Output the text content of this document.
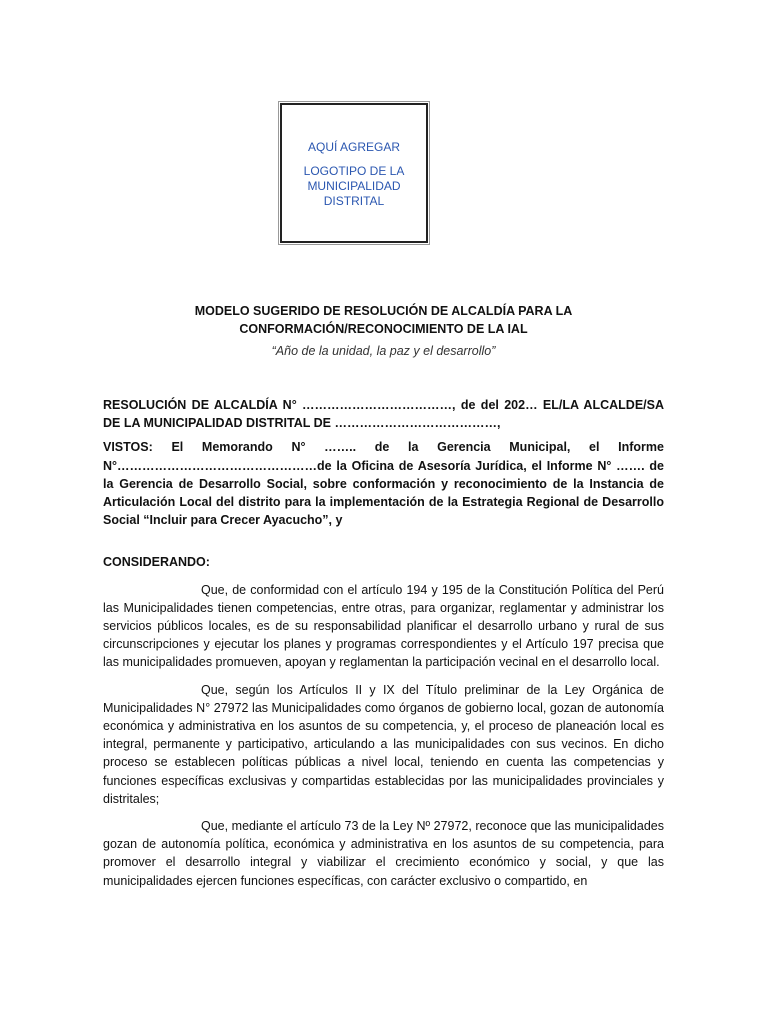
AQUÍ AGREGAR
LOGOTIPO DE LA
MUNICIPALIDAD
DISTRITAL
MODELO SUGERIDO DE RESOLUCIÓN DE ALCALDÍA PARA LA
CONFORMACIÓN/RECONOCIMIENTO DE LA IAL
“Año de la unidad, la paz y el desarrollo”

RESOLUCIÓN DE ALCALDÍA N° ………………………………, de del 202… EL/LA ALCALDE/SA DE LA MUNICIPALIDAD DISTRITAL DE …………………………………,

VISTOS: El Memorando N° …….. de la Gerencia Municipal, el Informe N°…………………………………………de la Oficina de Asesoría Jurídica, el Informe N° ……. de la Gerencia de Desarrollo Social, sobre conformación y reconocimiento de la Instancia de Articulación Local del distrito para la implementación de la Estrategia Regional de Desarrollo Social “Incluir para Crecer Ayacucho”, y

CONSIDERANDO:

Que, de conformidad con el artículo 194 y 195 de la Constitución Política del Perú las Municipalidades tienen competencias, entre otras, para organizar, reglamentar y administrar los servicios públicos locales, es de su responsabilidad planificar el desarrollo urbano y rural de sus circunscripciones y ejecutar los planes y programas correspondientes y el Artículo 197 precisa que las municipalidades promueven, apoyan y reglamentan la participación vecinal en el desarrollo local.

Que, según los Artículos II y IX del Título preliminar de la Ley Orgánica de Municipalidades N° 27972 las Municipalidades como órganos de gobierno local, gozan de autonomía económica y administrativa en los asuntos de su competencia, y, el proceso de planeación local es integral, permanente y participativo, articulando a las municipalidades con sus vecinos. En dicho proceso se establecen políticas públicas a nivel local, teniendo en cuenta las competencias y funciones específicas exclusivas y compartidas establecidas por las municipalidades provinciales y distritales;

Que, mediante el artículo 73 de la Ley Nº 27972, reconoce que las municipalidades gozan de autonomía política, económica y administrativa en los asuntos de su competencia, para promover el desarrollo integral y viabilizar el crecimiento económico y social, y que las municipalidades ejercen funciones específicas, con carácter exclusivo o compartido, en
